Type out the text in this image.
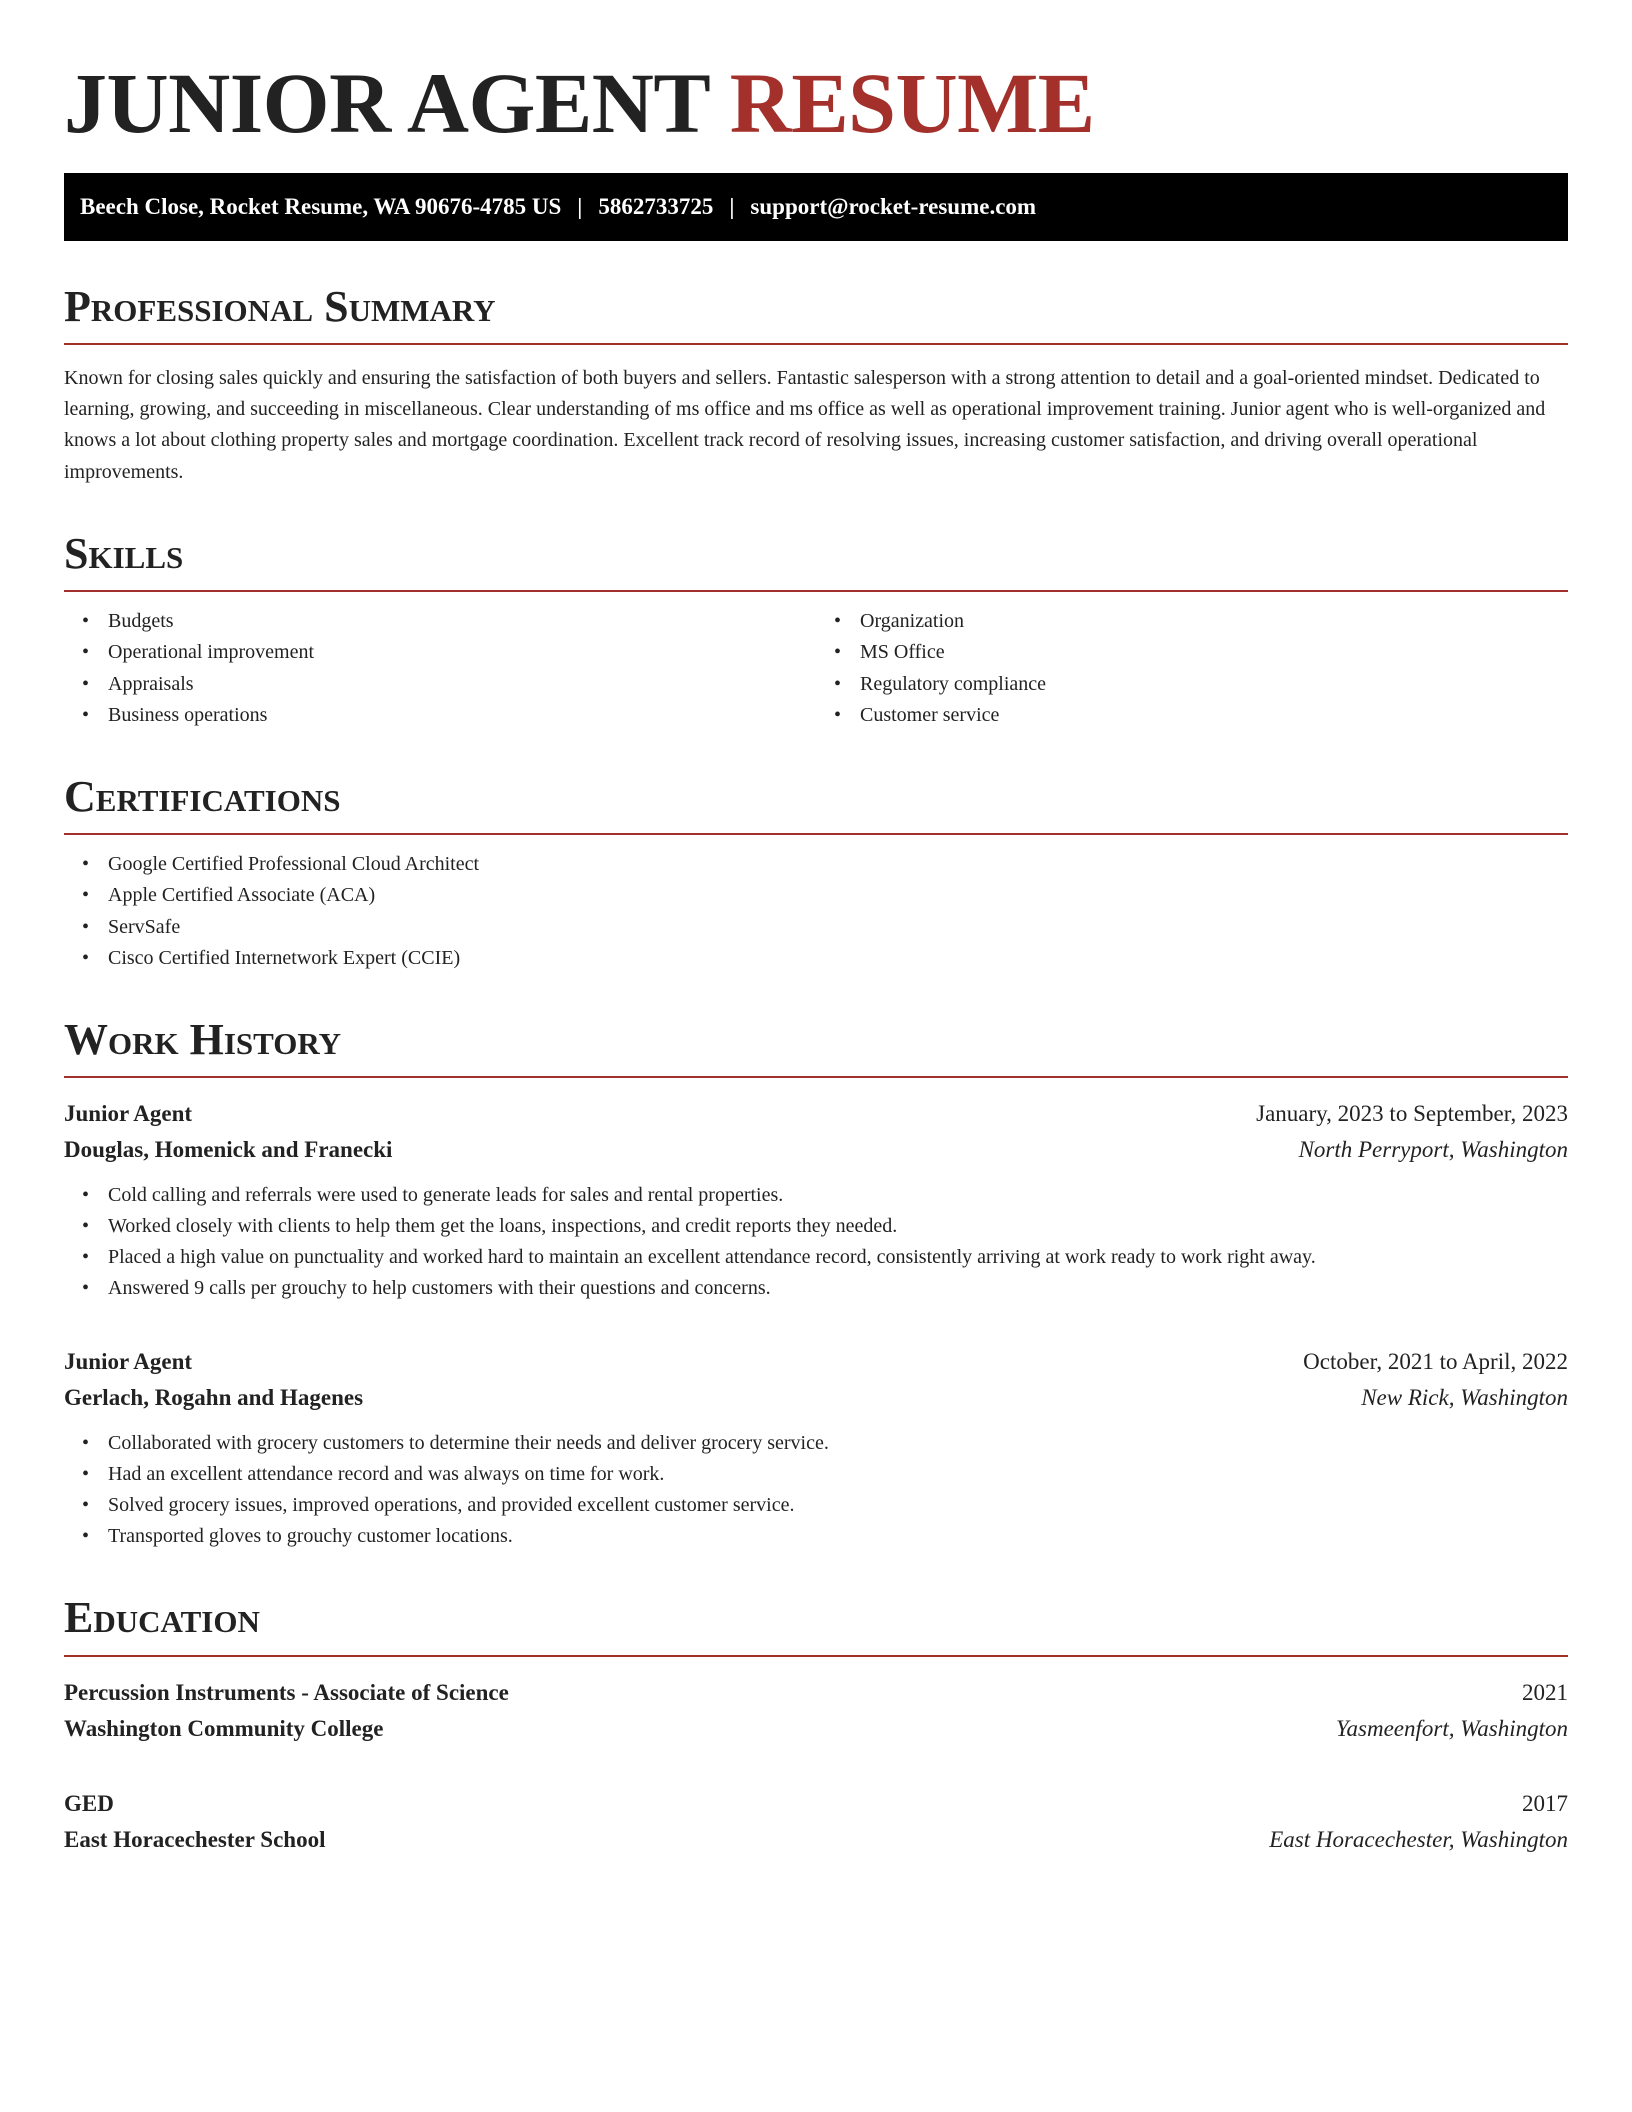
JUNIOR AGENT RESUME
Beech Close, Rocket Resume, WA 90676-4785 US | 5862733725 | support@rocket-resume.com
Professional Summary

Known for closing sales quickly and ensuring the satisfaction of both buyers and sellers. Fantastic salesperson with a strong attention to detail and a goal-oriented mindset. Dedicated to learning, growing, and succeeding in miscellaneous. Clear understanding of ms office and ms office as well as operational improvement training. Junior agent who is well-organized and knows a lot about clothing property sales and mortgage coordination. Excellent track record of resolving issues, increasing customer satisfaction, and driving overall operational improvements.

Skills
• Budgets
• Operational improvement
• Appraisals
• Business operations
• Organization
• MS Office
• Regulatory compliance
• Customer service
Certifications
• Google Certified Professional Cloud Architect
• Apple Certified Associate (ACA)
• ServSafe
• Cisco Certified Internetwork Expert (CCIE)
Work History
Junior Agent	January, 2023 to September, 2023
Douglas, Homenick and Franecki	North Perryport, Washington
• Cold calling and referrals were used to generate leads for sales and rental properties.
• Worked closely with clients to help them get the loans, inspections, and credit reports they needed.
• Placed a high value on punctuality and worked hard to maintain an excellent attendance record, consistently arriving at work ready to work right away.
• Answered 9 calls per grouchy to help customers with their questions and concerns.
Junior Agent	October, 2021 to April, 2022
Gerlach, Rogahn and Hagenes	New Rick, Washington
• Collaborated with grocery customers to determine their needs and deliver grocery service.
• Had an excellent attendance record and was always on time for work.
• Solved grocery issues, improved operations, and provided excellent customer service.
• Transported gloves to grouchy customer locations.
Education
Percussion Instruments - Associate of Science	2021
Washington Community College	Yasmeenfort, Washington
GED	2017
East Horacechester School	East Horacechester, Washington
